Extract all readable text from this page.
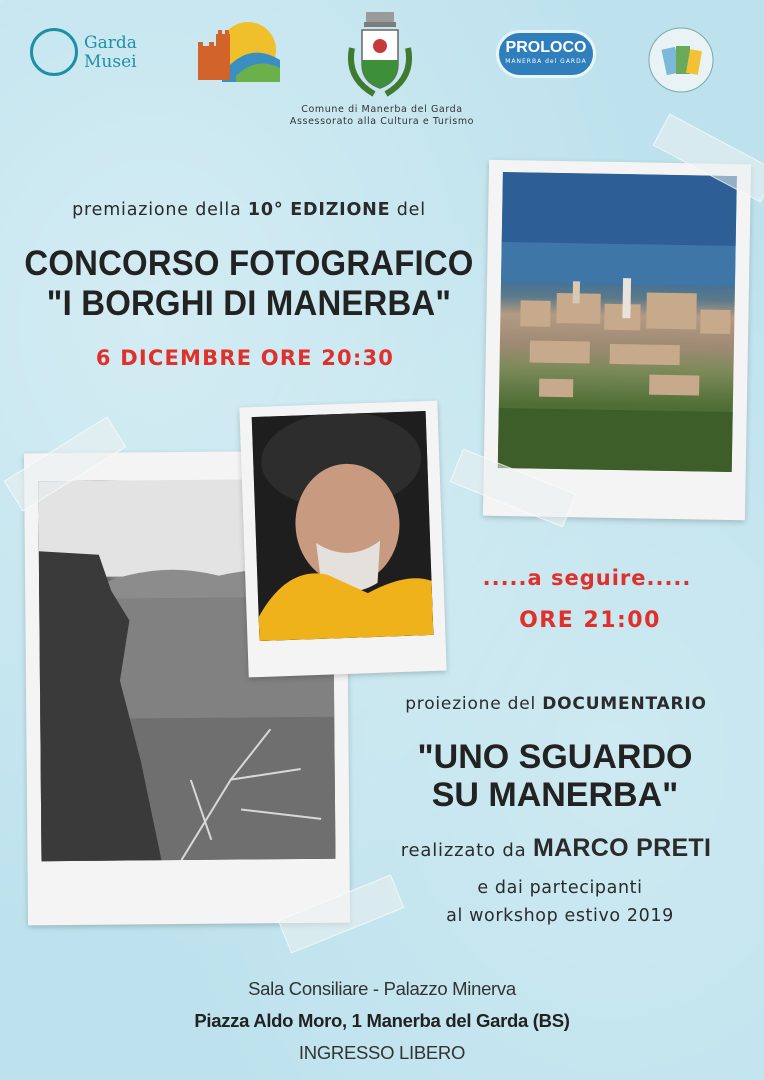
Garda
Musei
PROLOCO
MANERBA del GARDA
Comune di Manerba del Garda
Assessorato alla Cultura e Turismo
premiazione della 10° EDIZIONE del
CONCORSO FOTOGRAFICO
"I BORGHI DI MANERBA"
6 DICEMBRE ORE 20:30
.....a seguire.....
ORE 21:00
proiezione del DOCUMENTARIO
"UNO SGUARDO
SU MANERBA"
realizzato da MARCO PRETI
e dai partecipanti
al workshop estivo 2019
Sala Consiliare - Palazzo Minerva
Piazza Aldo Moro, 1 Manerba del Garda (BS)
INGRESSO LIBERO
